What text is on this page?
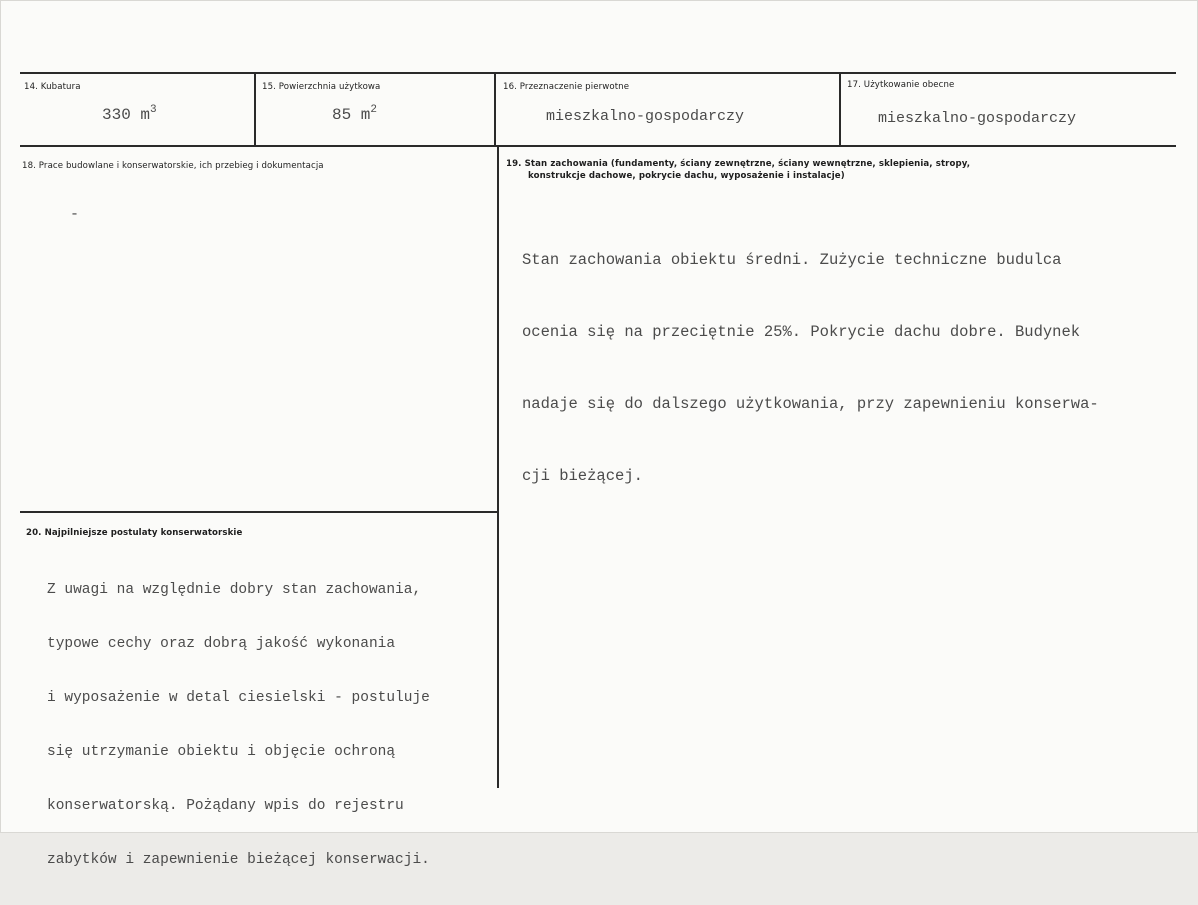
14. Kubatura
330 $m^3$
15. Powierzchnia użytkowa
85 $m^2$
16. Przeznaczenie pierwotne
mieszkalno-gospodarczy
17. Użytkowanie obecne
mieszkalno-gospodarczy
18. Prace budowlane i konserwatorskie, ich przebieg i dokumentacja
-
19. Stan zachowania (fundamenty, ściany zewnętrzne, ściany wewnętrzne, sklepienia, stropy,
konstrukcje dachowe, pokrycie dachu, wyposażenie i instalacje)

Stan zachowania obiektu średni. Zużycie techniczne budulca

ocenia się na przeciętnie 25%. Pokrycie dachu dobre. Budynek

nadaje się do dalszego użytkowania, przy zapewnieniu konserwa-

cji bieżącej.

20. Najpilniejsze postulaty konserwatorskie

Z uwagi na względnie dobry stan zachowania,

typowe cechy oraz dobrą jakość wykonania

i wyposażenie w detal ciesielski - postuluje

się utrzymanie obiektu i objęcie ochroną

konserwatorską. Pożądany wpis do rejestru

zabytków i zapewnienie bieżącej konserwacji.
